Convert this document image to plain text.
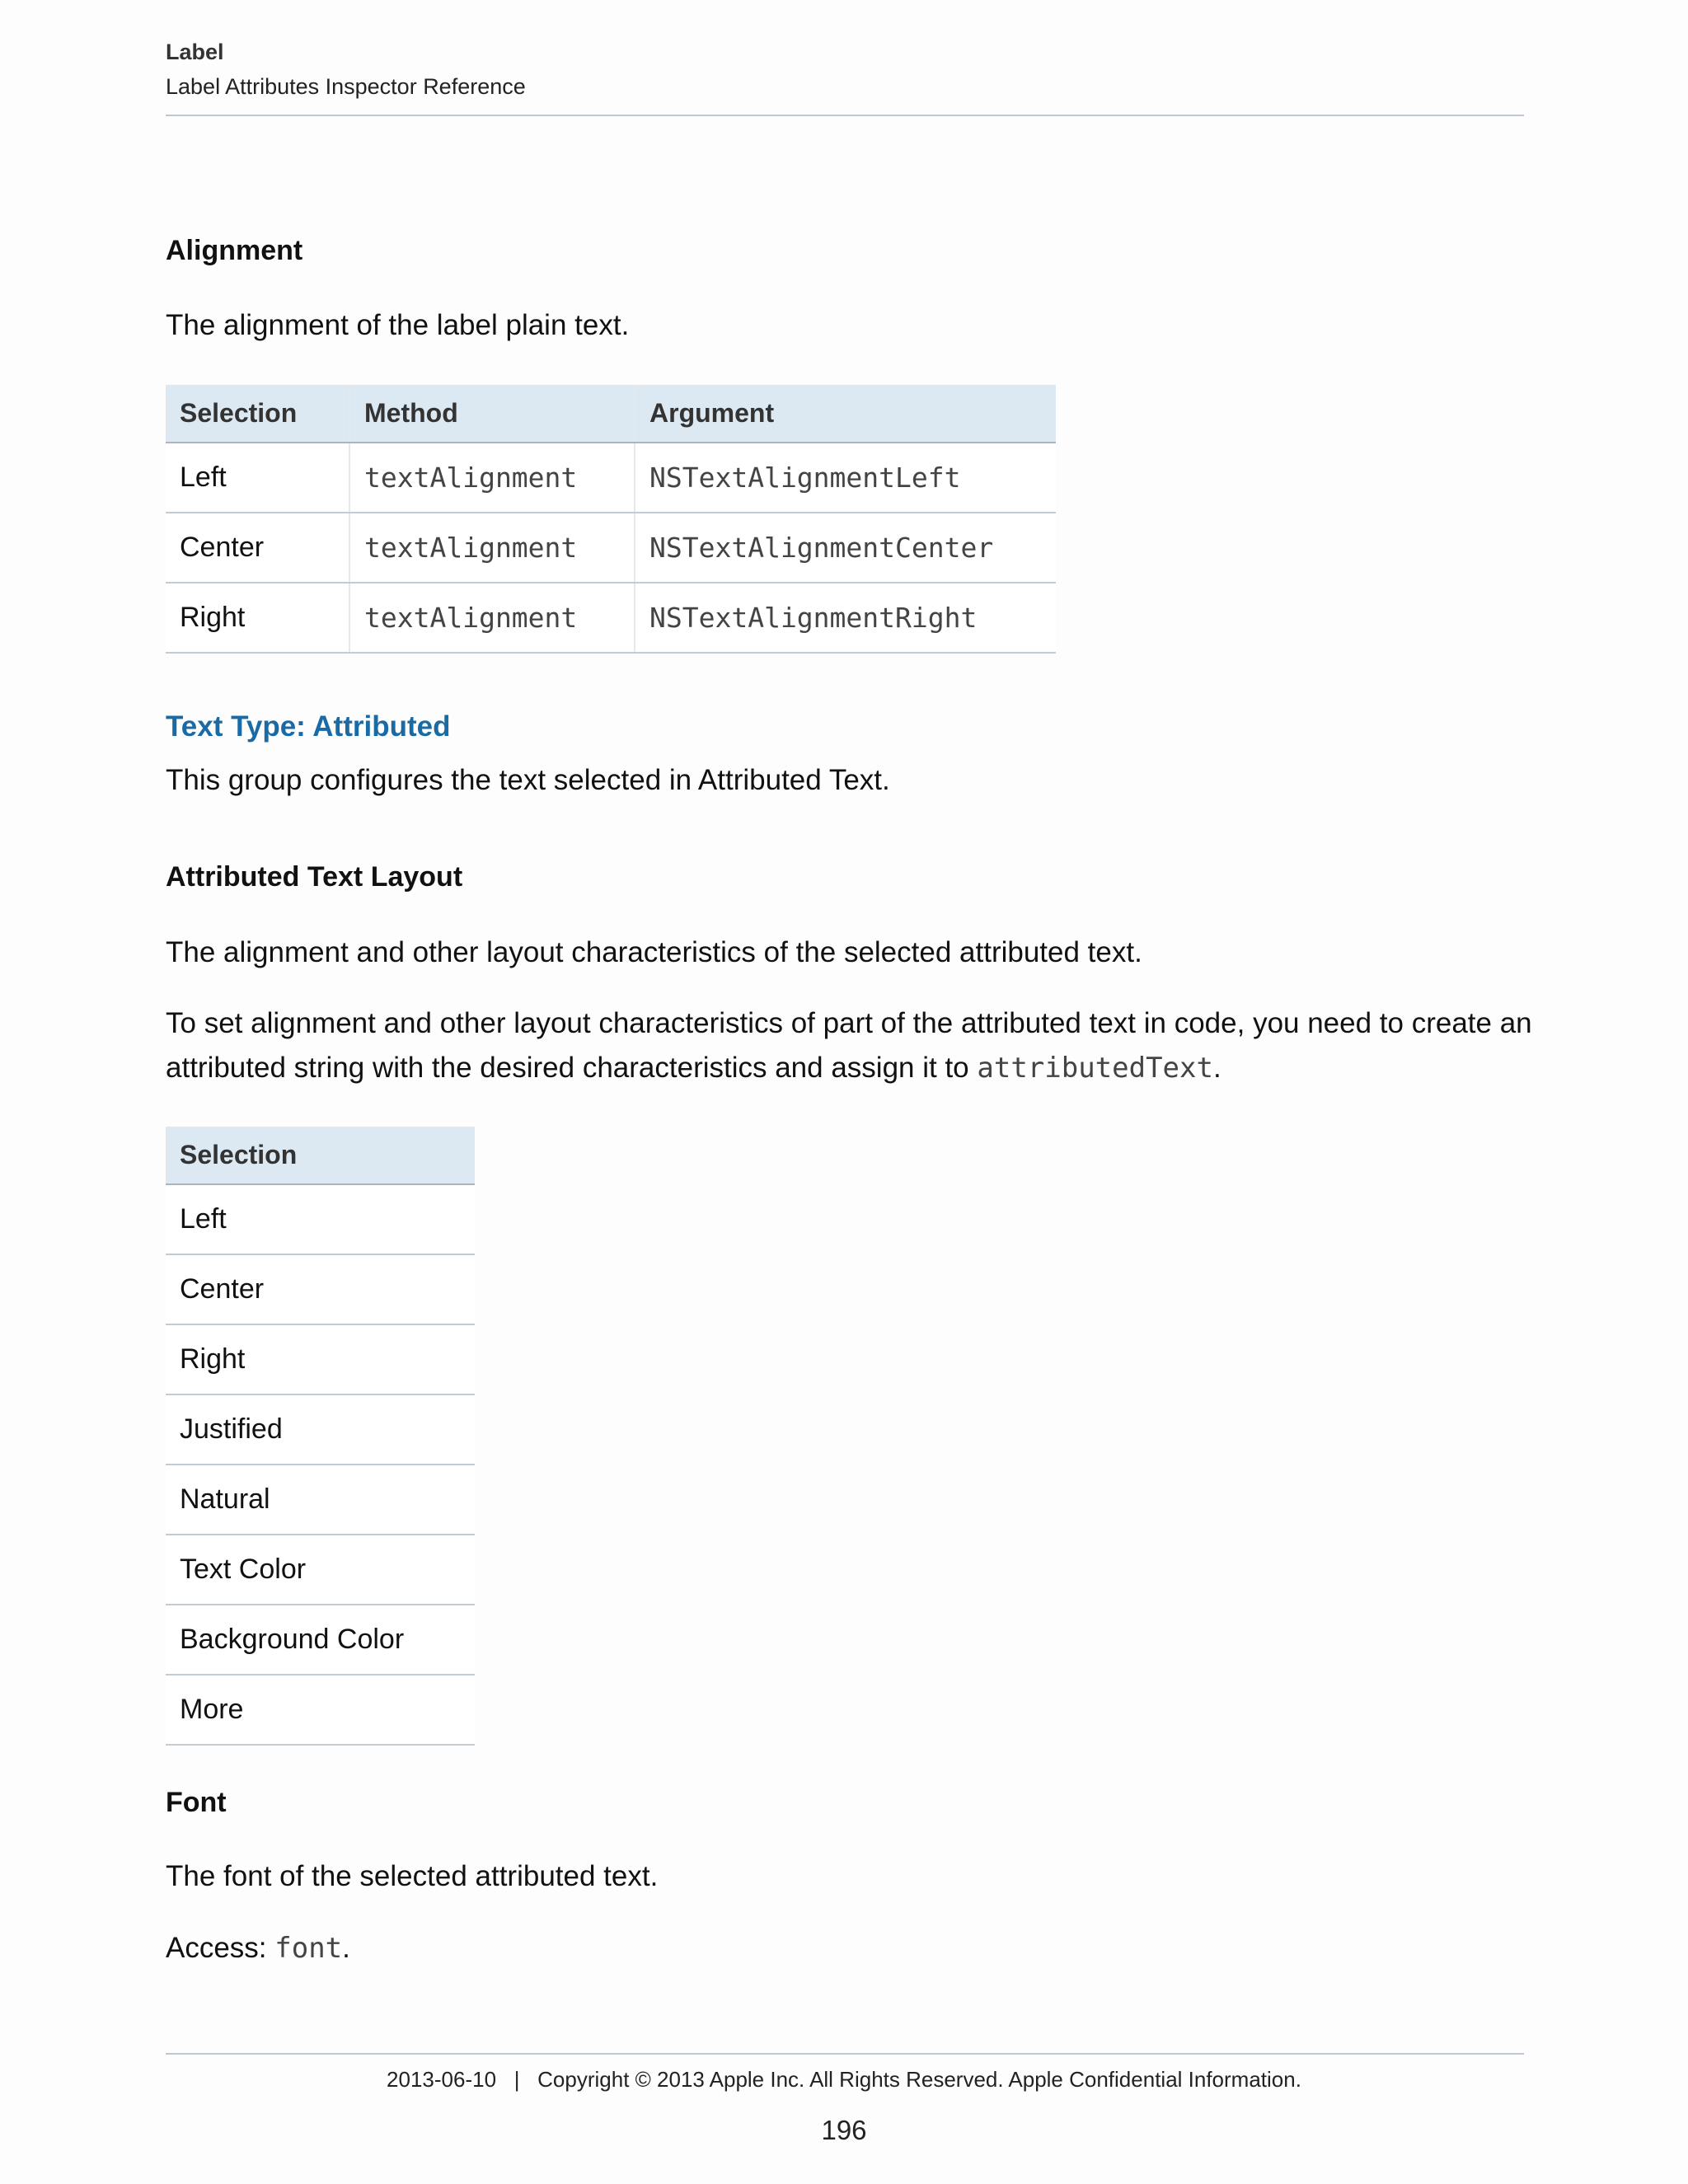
Label
Label Attributes Inspector Reference
Alignment
The alignment of the label plain text.
Selection	Method	Argument
Left	textAlignment	NSTextAlignmentLeft
Center	textAlignment	NSTextAlignmentCenter
Right	textAlignment	NSTextAlignmentRight
Text Type: Attributed
This group configures the text selected in Attributed Text.
Attributed Text Layout
The alignment and other layout characteristics of the selected attributed text.
To set alignment and other layout characteristics of part of the attributed text in code, you need to create an
attributed string with the desired characteristics and assign it to attributedText.
Selection
Left
Center
Right
Justified
Natural
Text Color
Background Color
More
Font
The font of the selected attributed text.
Access: font.
2013-06-10   |   Copyright © 2013 Apple Inc. All Rights Reserved. Apple Confidential Information.
196
